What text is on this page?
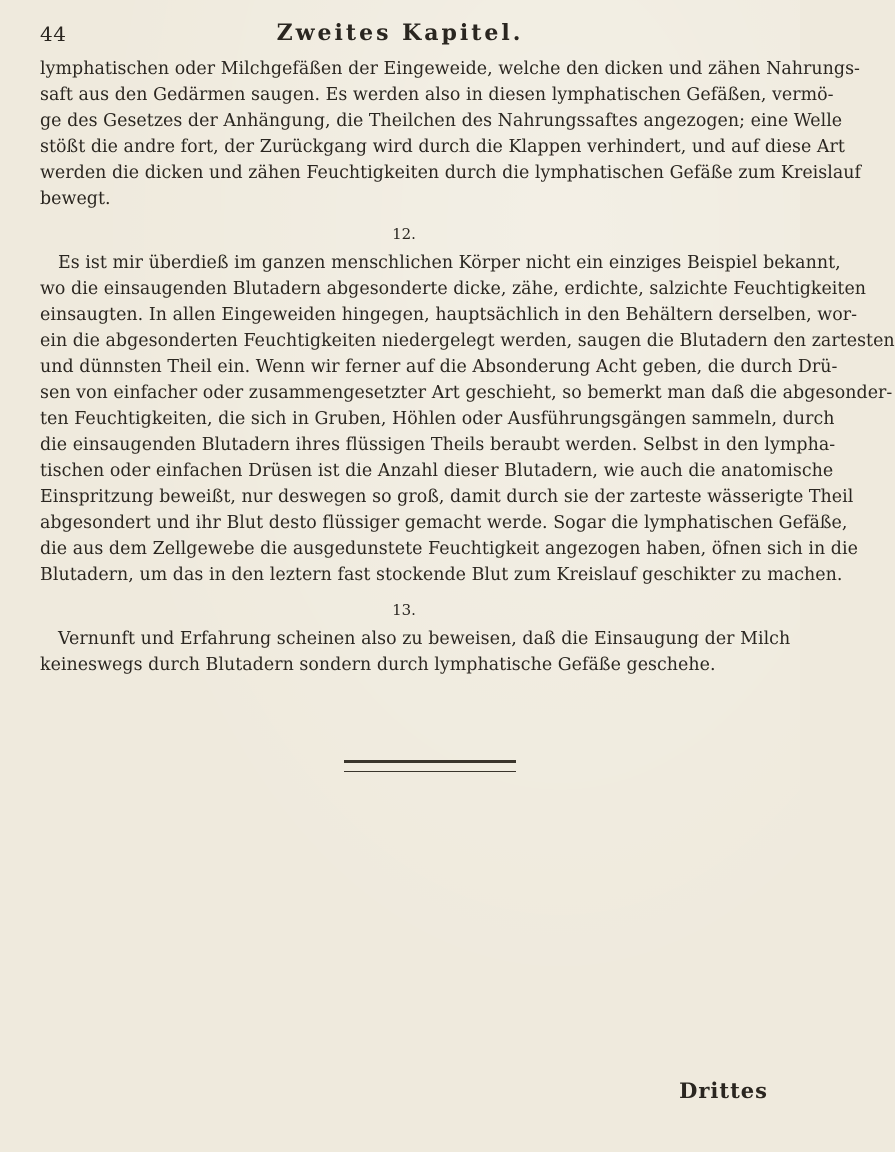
44	Zweites Kapitel.

lymphatischen oder Milchgefäßen der Eingeweide, welche den dicken und zähen Nahrungs-

saft aus den Gedärmen saugen. Es werden also in diesen lymphatischen Gefäßen, vermö-

ge des Gesetzes der Anhängung, die Theilchen des Nahrungssaftes angezogen; eine Welle

stößt die andre fort, der Zurückgang wird durch die Klappen verhindert, und auf diese Art

werden die dicken und zähen Feuchtigkeiten durch die lymphatischen Gefäße zum Kreislauf

bewegt.

12.

Es ist mir überdieß im ganzen menschlichen Körper nicht ein einziges Beispiel bekannt,

wo die einsaugenden Blutadern abgesonderte dicke, zähe, erdichte, salzichte Feuchtigkeiten

einsaugten. In allen Eingeweiden hingegen, hauptsächlich in den Behältern derselben, wor-

ein die abgesonderten Feuchtigkeiten niedergelegt werden, saugen die Blutadern den zartesten

und dünnsten Theil ein. Wenn wir ferner auf die Absonderung Acht geben, die durch Drü-

sen von einfacher oder zusammengesetzter Art geschieht, so bemerkt man daß die abgesonder-

ten Feuchtigkeiten, die sich in Gruben, Höhlen oder Ausführungsgängen sammeln, durch

die einsaugenden Blutadern ihres flüssigen Theils beraubt werden. Selbst in den lympha-

tischen oder einfachen Drüsen ist die Anzahl dieser Blutadern, wie auch die anatomische

Einspritzung beweißt, nur deswegen so groß, damit durch sie der zarteste wässerigte Theil

abgesondert und ihr Blut desto flüssiger gemacht werde. Sogar die lymphatischen Gefäße,

die aus dem Zellgewebe die ausgedunstete Feuchtigkeit angezogen haben, öfnen sich in die

Blutadern, um das in den leztern fast stockende Blut zum Kreislauf geschikter zu machen.

13.

Vernunft und Erfahrung scheinen also zu beweisen, daß die Einsaugung der Milch

keineswegs durch Blutadern sondern durch lymphatische Gefäße geschehe.

Drittes
